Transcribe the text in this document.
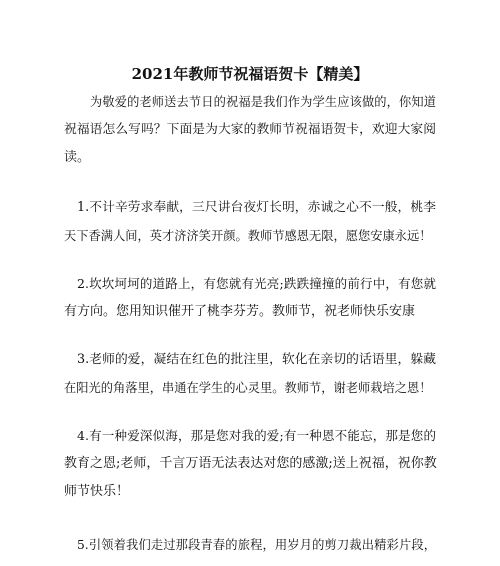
2021年教师节祝福语贺卡【精美】
为敬爱的老师送去节日的祝福是我们作为学生应该做的，你知道
祝福语怎么写吗？下面是为大家的教师节祝福语贺卡，欢迎大家阅
读。
1.不计辛劳求奉献，三尺讲台夜灯长明，赤诚之心不一般，桃李
天下香满人间，英才济济笑开颜。教师节感恩无限，愿您安康永远！
2.坎坎坷坷的道路上，有您就有光亮;跌跌撞撞的前行中，有您就
有方向。您用知识催开了桃李芬芳。教师节，祝老师快乐安康
3.老师的爱，凝结在红色的批注里，软化在亲切的话语里，躲藏
在阳光的角落里，串通在学生的心灵里。教师节，谢老师栽培之恩！
4.有一种爱深似海，那是您对我的爱;有一种恩不能忘，那是您的
教育之恩;老师，千言万语无法表达对您的感激;送上祝福，祝你教
师节快乐！
5.引领着我们走过那段青春的旅程，用岁月的剪刀裁出精彩片段，
